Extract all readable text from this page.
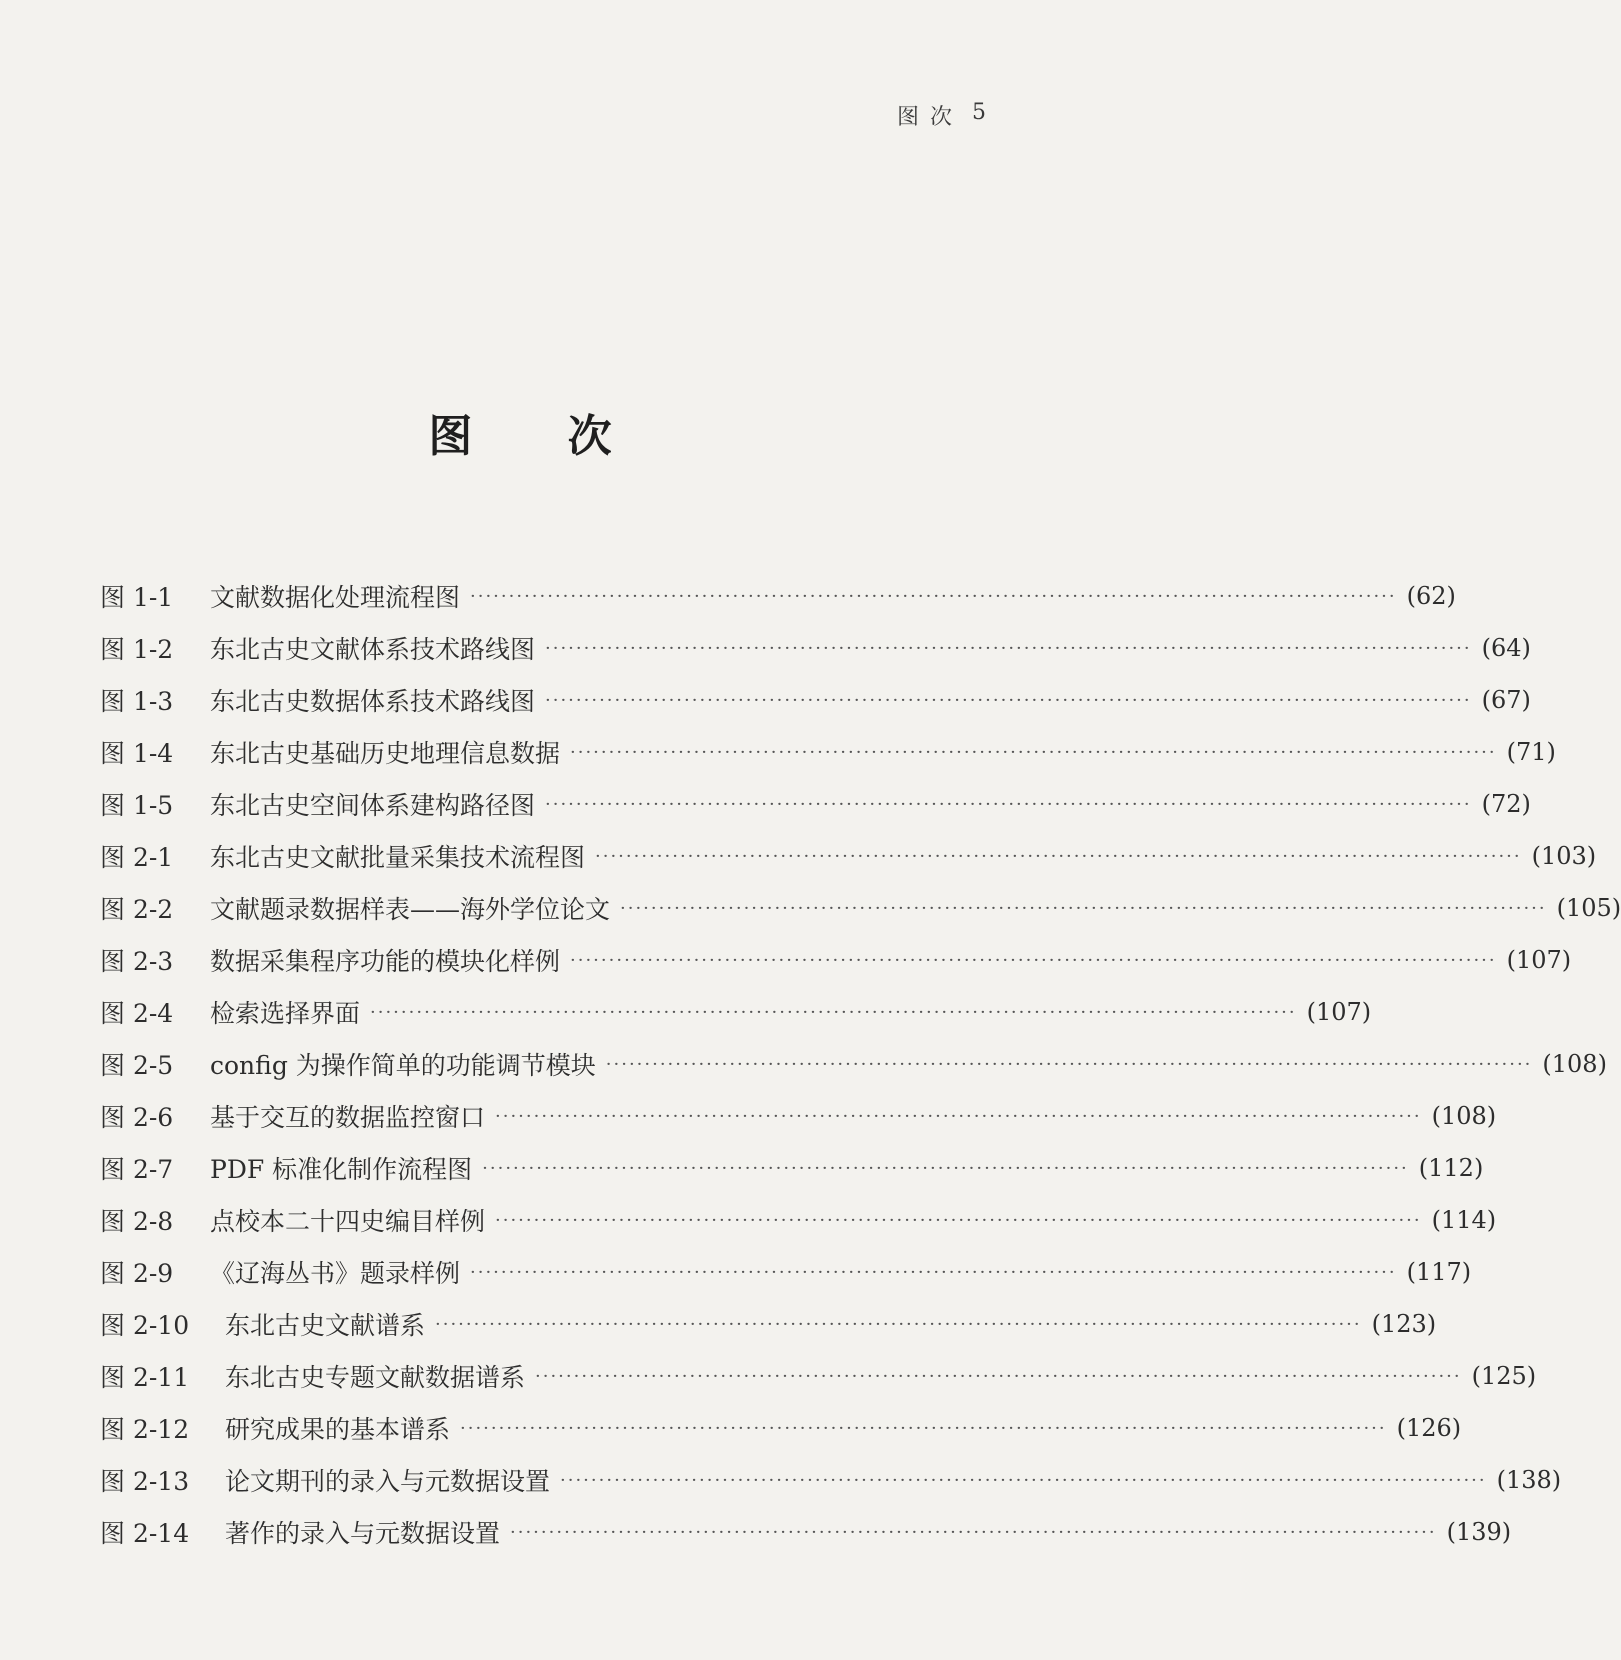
图 次 5
图 次
图 1-1	文献数据化处理流程图 ························································································································ (62)
图 1-2	东北古史文献体系技术路线图 ························································································································ (64)
图 1-3	东北古史数据体系技术路线图 ························································································································ (67)
图 1-4	东北古史基础历史地理信息数据 ························································································································ (71)
图 1-5	东北古史空间体系建构路径图 ························································································································ (72)
图 2-1	东北古史文献批量采集技术流程图 ························································································································ (103)
图 2-2	文献题录数据样表——海外学位论文 ························································································································ (105)
图 2-3	数据采集程序功能的模块化样例 ························································································································ (107)
图 2-4	检索选择界面 ························································································································ (107)
图 2-5	config 为操作简单的功能调节模块 ························································································································ (108)
图 2-6	基于交互的数据监控窗口 ························································································································ (108)
图 2-7	PDF 标准化制作流程图 ························································································································ (112)
图 2-8	点校本二十四史编目样例 ························································································································ (114)
图 2-9	《辽海丛书》题录样例 ························································································································ (117)
图 2-10	东北古史文献谱系 ························································································································ (123)
图 2-11	东北古史专题文献数据谱系 ························································································································ (125)
图 2-12	研究成果的基本谱系 ························································································································ (126)
图 2-13	论文期刊的录入与元数据设置 ························································································································ (138)
图 2-14	著作的录入与元数据设置 ························································································································ (139)
